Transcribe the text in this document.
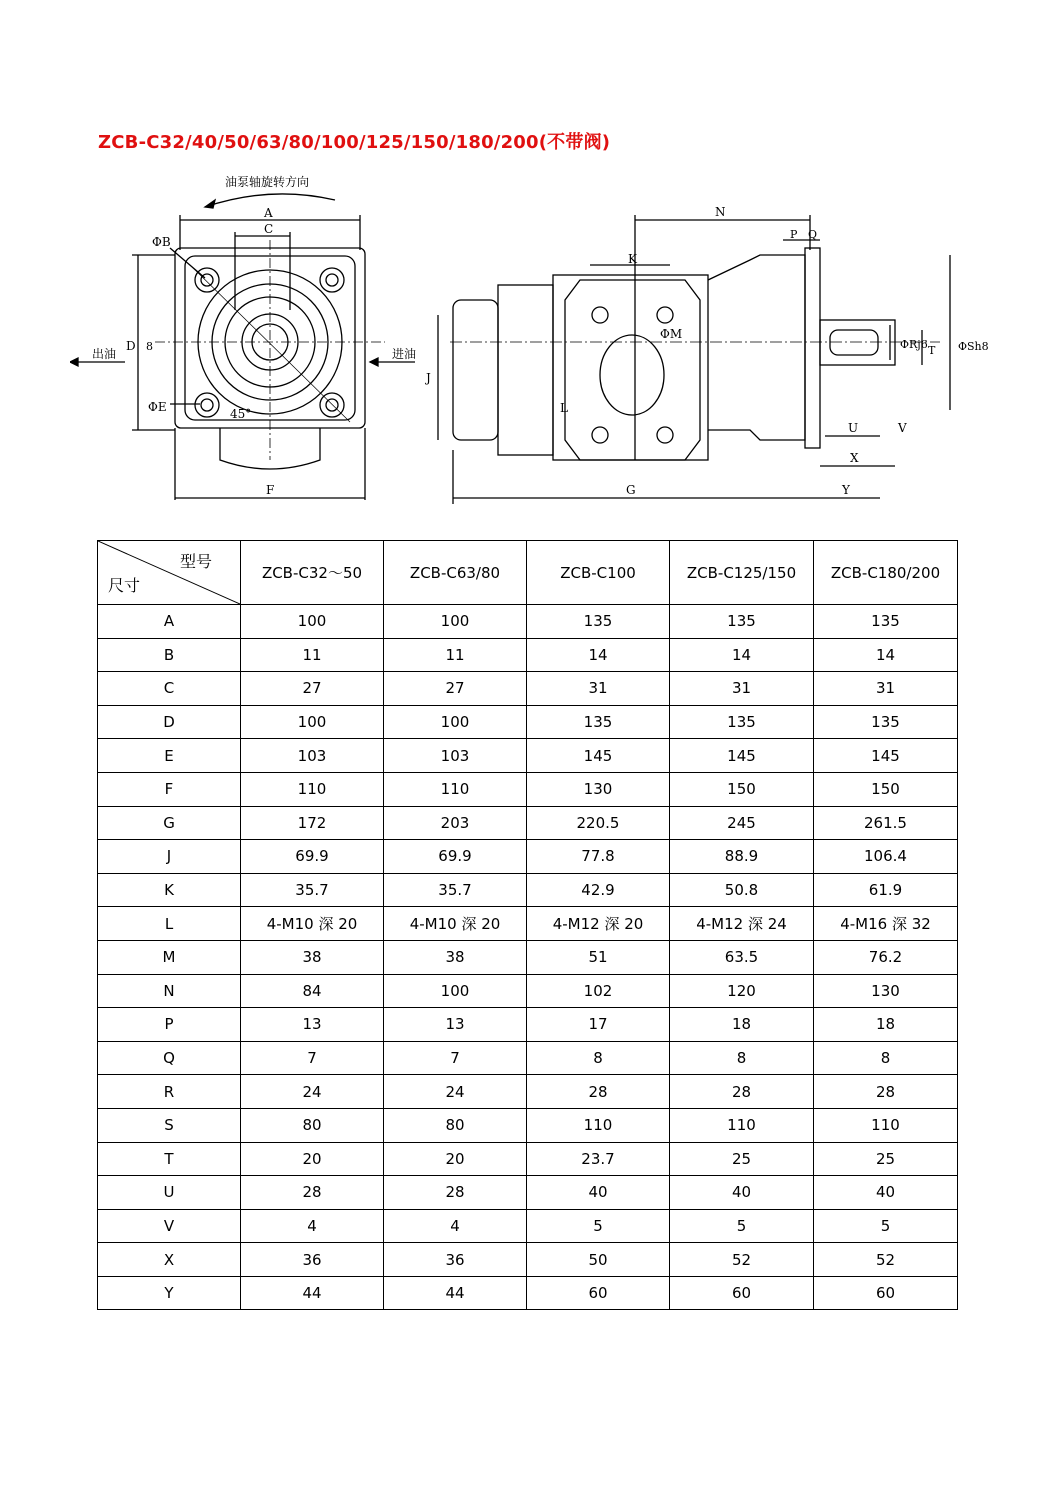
ZCB-C32/40/50/63/80/100/125/150/180/200(不带阀)
油泵轴旋转方向
A
C
F
D 8
ΦB
ΦE	45°
出油	进油
N
P Q
K
ΦM
L
J
ΦRj6	ΦSh8
T
U	V
X
Y
G
型号
尺寸	ZCB-C32～50	ZCB-C63/80	ZCB-C100	ZCB-C125/150	ZCB-C180/200
A	100	100	135	135	135
B	11	11	14	14	14
C	27	27	31	31	31
D	100	100	135	135	135
E	103	103	145	145	145
F	110	110	130	150	150
G	172	203	220.5	245	261.5
J	69.9	69.9	77.8	88.9	106.4
K	35.7	35.7	42.9	50.8	61.9
L	4-M10 深 20	4-M10 深 20	4-M12 深 20	4-M12 深 24	4-M16 深 32
M	38	38	51	63.5	76.2
N	84	100	102	120	130
P	13	13	17	18	18
Q	7	7	8	8	8
R	24	24	28	28	28
S	80	80	110	110	110
T	20	20	23.7	25	25
U	28	28	40	40	40
V	4	4	5	5	5
X	36	36	50	52	52
Y	44	44	60	60	60
